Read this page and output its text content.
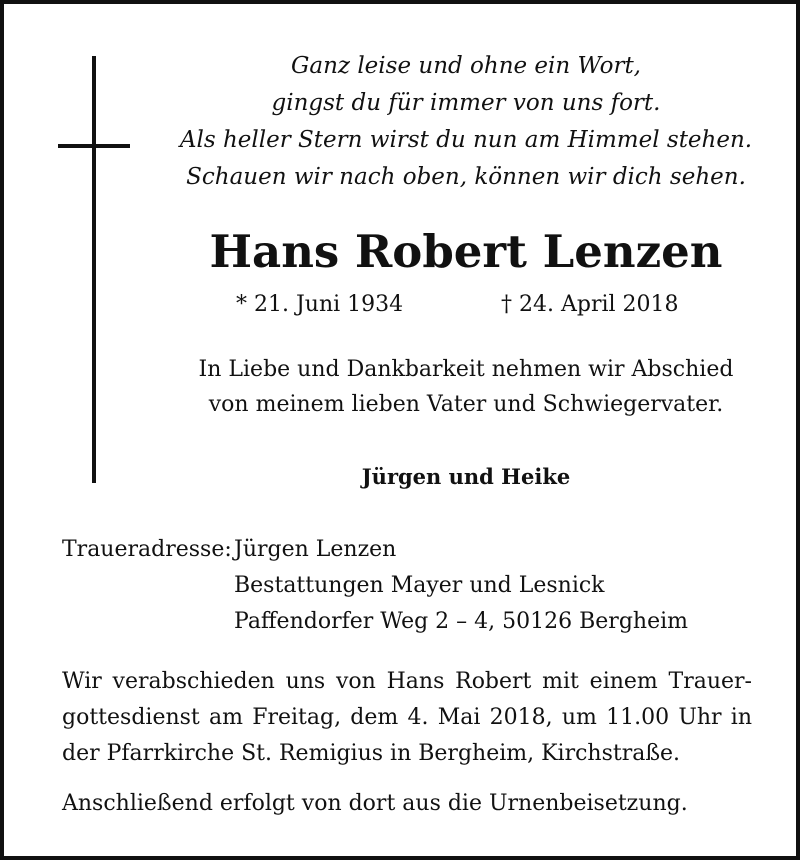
Ganz leise und ohne ein Wort,
gingst du für immer von uns fort.
Als heller Stern wirst du nun am Himmel stehen.
Schauen wir nach oben, können wir dich sehen.
Hans Robert Lenzen
* 21. Juni 1934	† 24. April 2018
In Liebe und Dankbarkeit nehmen wir Abschied
von meinem lieben Vater und Schwiegervater.
Jürgen und Heike
Traueradresse: Jürgen Lenzen
Bestattungen Mayer und Lesnick
Paffendorfer Weg 2 – 4, 50126 Bergheim
Wir verabschieden uns von Hans Robert mit einem Trauer-
gottesdienst am Freitag, dem 4. Mai 2018, um 11.00 Uhr in
der Pfarrkirche St. Remigius in Bergheim, Kirchstraße.
Anschließend erfolgt von dort aus die Urnenbeisetzung.
